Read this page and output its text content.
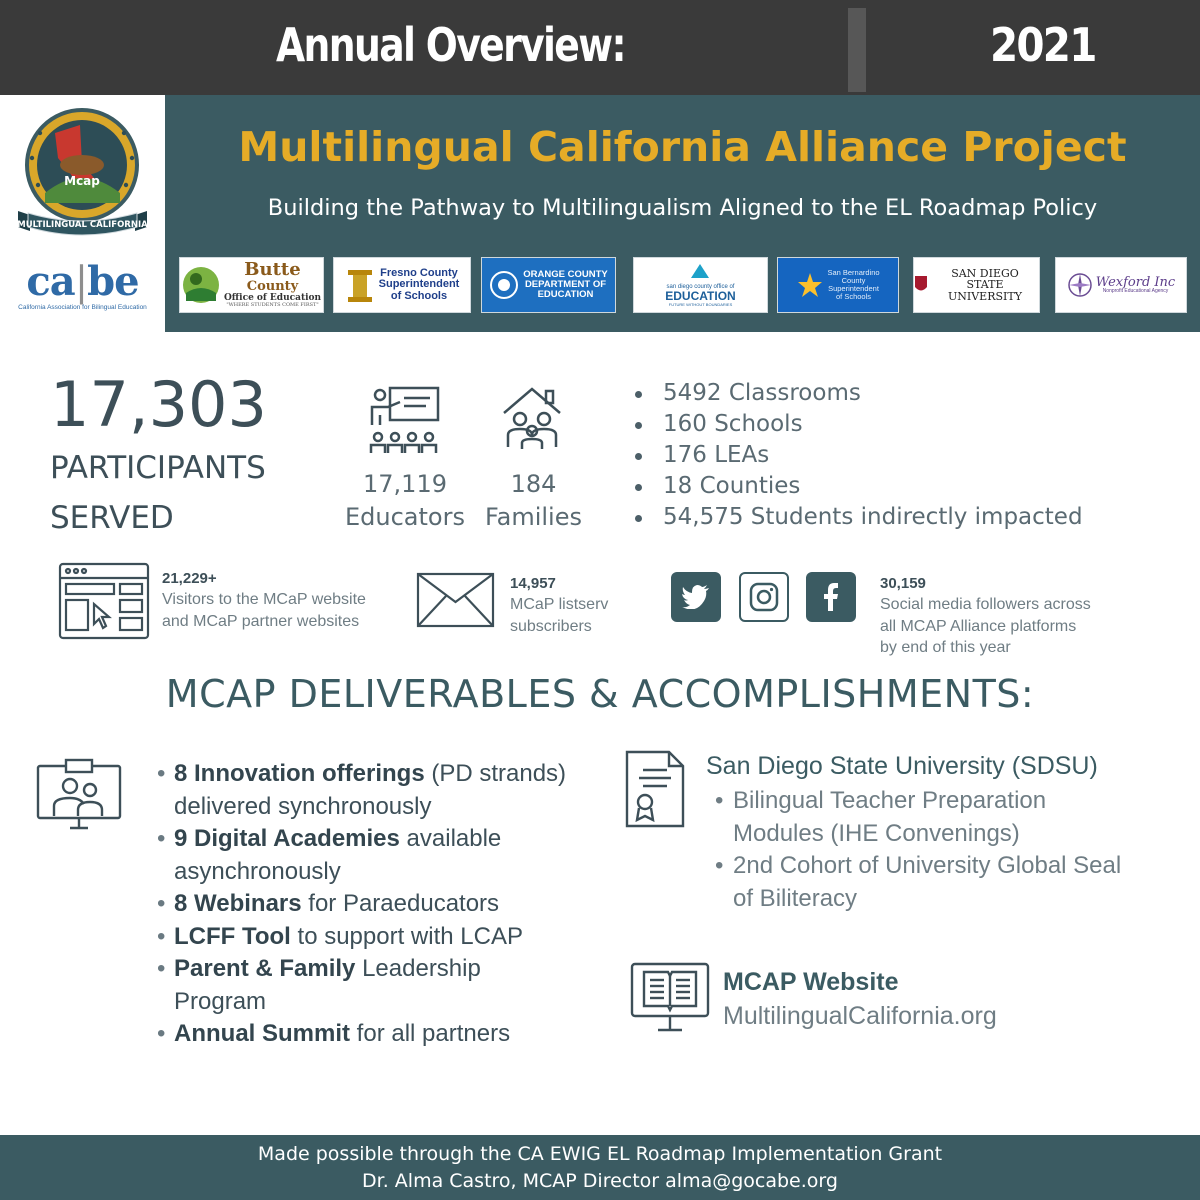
Annual Overview:	2021
Mcap
MULTILINGUAL CALIFORNIA
ca|be
California Association for Bilingual Education
Multilingual California Alliance Project
Building the Pathway to Multilingualism Aligned to the EL Roadmap Policy
Butte
County
Office of Education
"WHERE STUDENTS COME FIRST"
Fresno County
Superintendent
of Schools
ORANGE COUNTY
DEPARTMENT OF
EDUCATION
san diego county office of
EDUCATION
FUTURE WITHOUT BOUNDARIES
San Bernardino
County
Superintendent
of Schools
SAN DIEGO STATE
UNIVERSITY
Wexford Inc
Nonprofit Educational Agency
17,303
PARTICIPANTS
SERVED
17,119
Educators
184
Families
5492 Classrooms
160 Schools
176 LEAs
18 Counties
54,575 Students indirectly impacted
21,229+
Visitors to the MCaP website
and MCaP partner websites
14,957
MCaP listserv
subscribers
30,159
Social media followers across
all MCAP Alliance platforms
by end of this year
MCAP DELIVERABLES & ACCOMPLISHMENTS:
• 8 Innovation offerings (PD strands) delivered synchronously
• 9 Digital Academies available asynchronously
• 8 Webinars for Paraeducators
• LCFF Tool to support with LCAP
• Parent & Family Leadership Program
• Annual Summit for all partners
San Diego State University (SDSU)
• Bilingual Teacher Preparation Modules (IHE Convenings)
• 2nd Cohort of University Global Seal of Biliteracy
MCAP Website
MultilingualCalifornia.org
Made possible through the CA EWIG EL Roadmap Implementation Grant
Dr. Alma Castro, MCAP Director alma@gocabe.org
